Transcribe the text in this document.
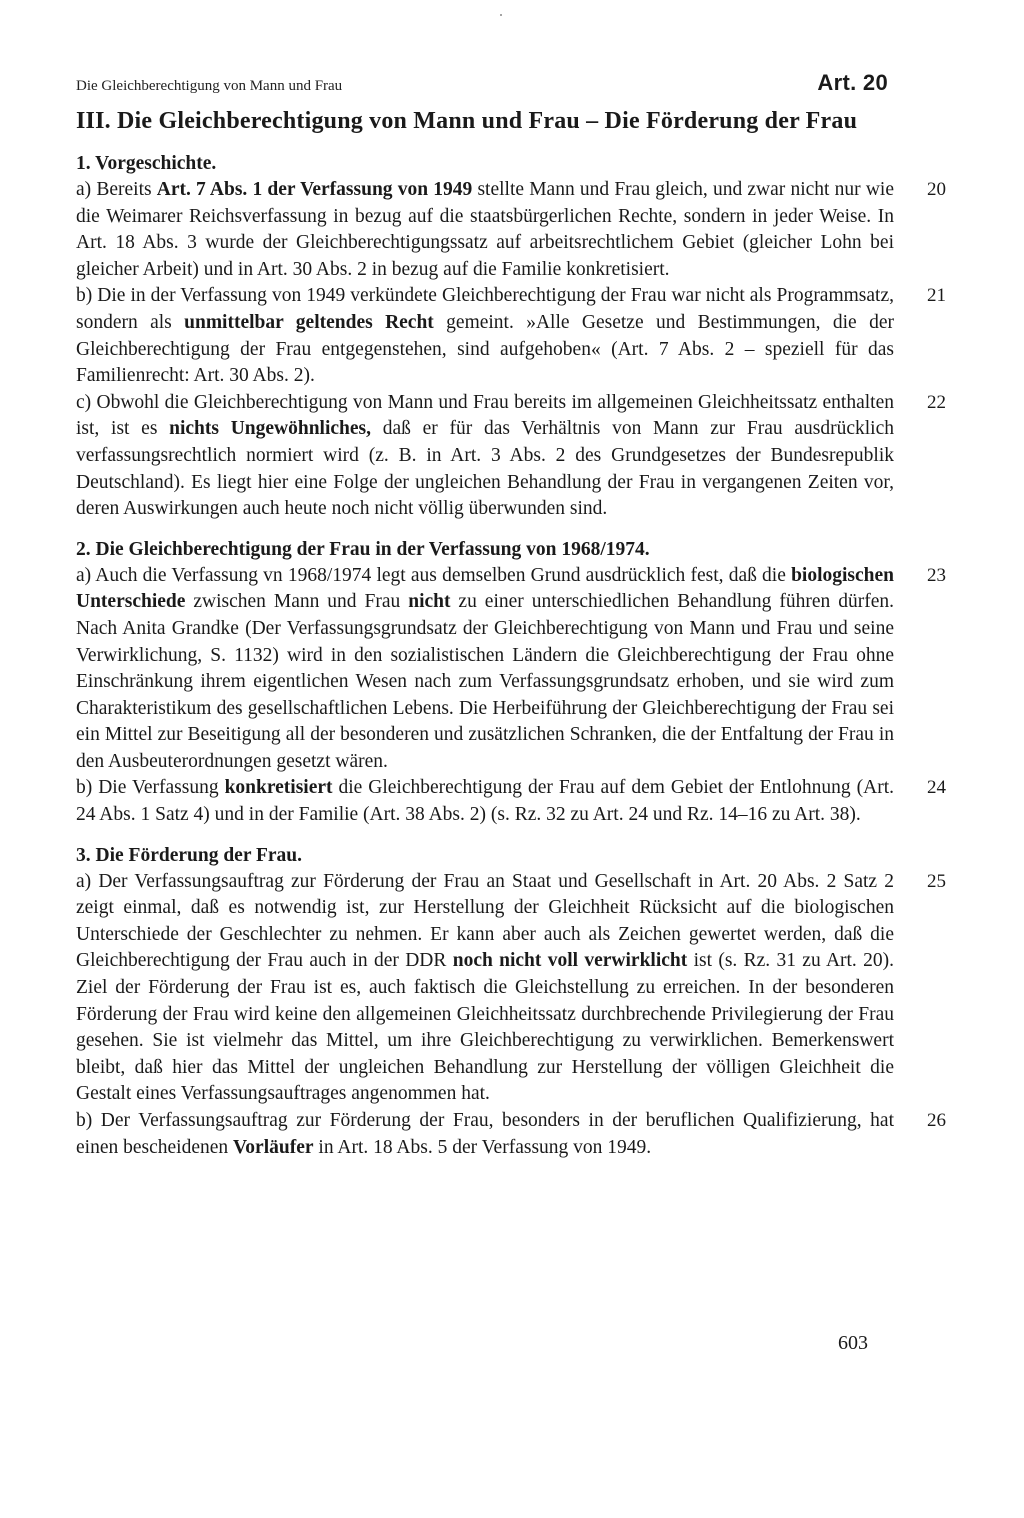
Die Gleichberechtigung von Mann und Frau	Art. 20
III. Die Gleichberechtigung von Mann und Frau – Die Förderung der Frau
1. Vorgeschichte.

a) Bereits Art. 7 Abs. 1 der Verfassung von 1949 stellte Mann und Frau gleich, und zwar nicht nur wie die Weimarer Reichsverfassung in bezug auf die staatsbürgerlichen Rechte, sondern in jeder Weise. In Art. 18 Abs. 3 wurde der Gleichberechtigungssatz auf arbeitsrechtlichem Gebiet (gleicher Lohn bei gleicher Arbeit) und in Art. 30 Abs. 2 in bezug auf die Familie konkretisiert.
20

b) Die in der Verfassung von 1949 verkündete Gleichberechtigung der Frau war nicht als Programmsatz, sondern als unmittelbar geltendes Recht gemeint. »Alle Gesetze und Bestimmungen, die der Gleichberechtigung der Frau entgegenstehen, sind aufgehoben« (Art. 7 Abs. 2 – speziell für das Familienrecht: Art. 30 Abs. 2).
21

c) Obwohl die Gleichberechtigung von Mann und Frau bereits im allgemeinen Gleichheitssatz enthalten ist, ist es nichts Ungewöhnliches, daß er für das Verhältnis von Mann zur Frau ausdrücklich verfassungsrechtlich normiert wird (z. B. in Art. 3 Abs. 2 des Grundgesetzes der Bundesrepublik Deutschland). Es liegt hier eine Folge der ungleichen Behandlung der Frau in vergangenen Zeiten vor, deren Auswirkungen auch heute noch nicht völlig überwunden sind.
22

2. Die Gleichberechtigung der Frau in der Verfassung von 1968/1974.

a) Auch die Verfassung vn 1968/1974 legt aus demselben Grund ausdrücklich fest, daß die biologischen Unterschiede zwischen Mann und Frau nicht zu einer unterschiedlichen Behandlung führen dürfen. Nach Anita Grandke (Der Verfassungsgrundsatz der Gleichberechtigung von Mann und Frau und seine Verwirklichung, S. 1132) wird in den sozialistischen Ländern die Gleichberechtigung der Frau ohne Einschränkung ihrem eigentlichen Wesen nach zum Verfassungsgrundsatz erhoben, und sie wird zum Charakteristikum des gesellschaftlichen Lebens. Die Herbeiführung der Gleichberechtigung der Frau sei ein Mittel zur Beseitigung all der besonderen und zusätzlichen Schranken, die der Entfaltung der Frau in den Ausbeuterordnungen gesetzt wären.
23

b) Die Verfassung konkretisiert die Gleichberechtigung der Frau auf dem Gebiet der Entlohnung (Art. 24 Abs. 1 Satz 4) und in der Familie (Art. 38 Abs. 2) (s. Rz. 32 zu Art. 24 und Rz. 14–16 zu Art. 38).
24

3. Die Förderung der Frau.

a) Der Verfassungsauftrag zur Förderung der Frau an Staat und Gesellschaft in Art. 20 Abs. 2 Satz 2 zeigt einmal, daß es notwendig ist, zur Herstellung der Gleichheit Rücksicht auf die biologischen Unterschiede der Geschlechter zu nehmen. Er kann aber auch als Zeichen gewertet werden, daß die Gleichberechtigung der Frau auch in der DDR noch nicht voll verwirklicht ist (s. Rz. 31 zu Art. 20). Ziel der Förderung der Frau ist es, auch faktisch die Gleichstellung zu erreichen. In der besonderen Förderung der Frau wird keine den allgemeinen Gleichheitssatz durchbrechende Privilegierung der Frau gesehen. Sie ist vielmehr das Mittel, um ihre Gleichberechtigung zu verwirklichen. Bemerkenswert bleibt, daß hier das Mittel der ungleichen Behandlung zur Herstellung der völligen Gleichheit die Gestalt eines Verfassungsauftrages angenommen hat.
25

b) Der Verfassungsauftrag zur Förderung der Frau, besonders in der beruflichen Qualifizierung, hat einen bescheidenen Vorläufer in Art. 18 Abs. 5 der Verfassung von 1949.
26

603
